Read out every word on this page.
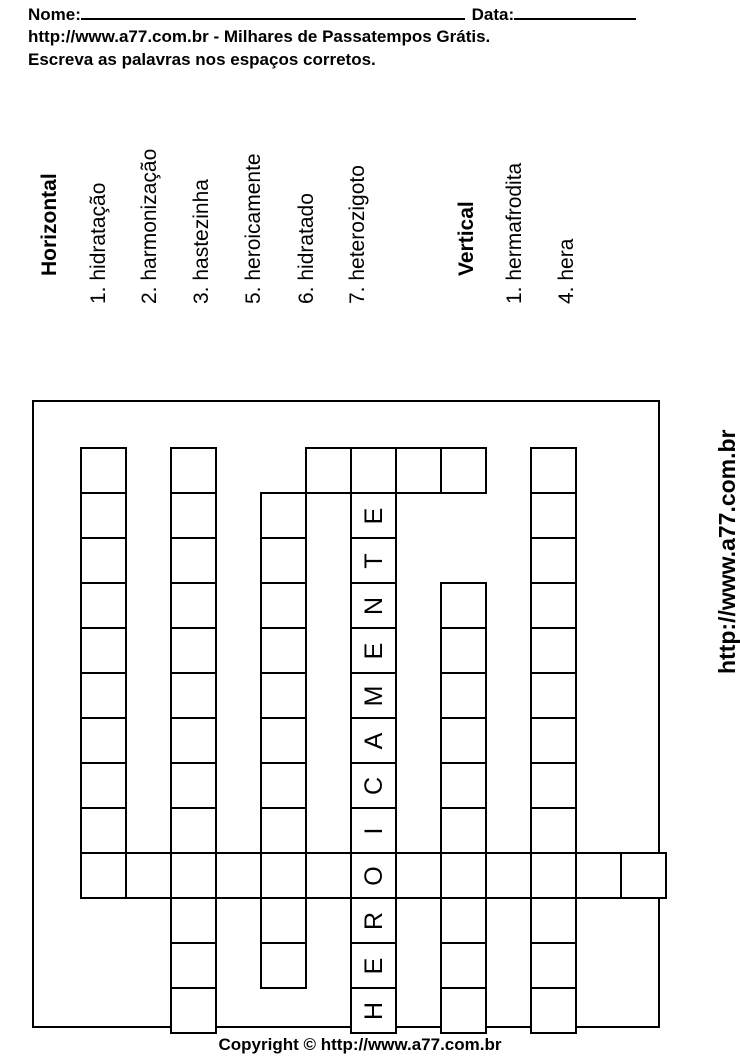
Nome:	Data:
http://www.a77.com.br - Milhares de Passatempos Grátis.
Escreva as palavras nos espaços corretos.
Horizontal 1. hidratação 2. harmonização 3. hastezinha 5. heroicamente 6. hidratado 7. heterozigoto	Vertical 1. hermafrodita 4. hera
E
T
N
E
M
A
C
I
O
R
E
H
http://www.a77.com.br
Copyright © http://www.a77.com.br
